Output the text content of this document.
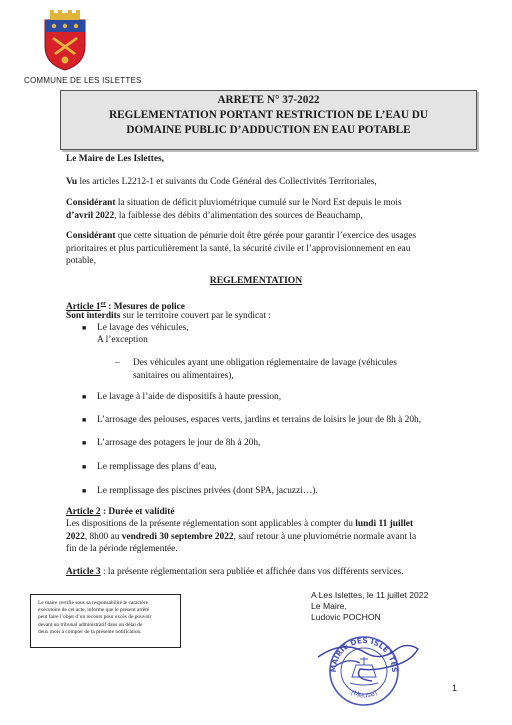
COMMUNE DE LES ISLETTES
ARRETE N° 37-2022
REGLEMENTATION PORTANT RESTRICTION DE L’EAU DU
DOMAINE PUBLIC D’ADDUCTION EN EAU POTABLE
Le Maire de Les Islettes,
Vu les articles L2212-1 et suivants du Code Général des Collectivités Territoriales,
Considérant la situation de déficit pluviométrique cumulé sur le Nord Est depuis le mois
d’avril 2022, la faiblesse des débits d’alimentation des sources de Beauchamp,
Considérant que cette situation de pénurie doit être gérée pour garantir l’exercice des usages
prioritaires et plus particulièrement la santé, la sécurité civile et l’approvisionnement en eau
potable,
REGLEMENTATION
Article 1er : Mesures de police
Sont interdits sur le territoire couvert par le syndicat :
■ Le lavage des véhicules,
A l’exception
– Des véhicules ayant une obligation réglementaire de lavage (véhicules
sanitaires ou alimentaires),
■ Le lavage à l’aide de dispositifs à haute pression,
■ L’arrosage des pelouses, espaces verts, jardins et terrains de loisirs le jour de 8h à 20h,
■ L’arrosage des potagers le jour de 8h à 20h,
■ Le remplissage des plans d’eau,
■ Le remplissage des piscines privées (dont SPA, jacuzzi…).
Article 2 : Durée et validité
Les dispositions de la présente réglementation sont applicables à compter du lundi 11 juillet
2022, 8h00 au vendredi 30 septembre 2022, sauf retour à une pluviométrie normale avant la
fin de la période réglementée.
Article 3 : la présente réglementation sera publiée et affichée dans vos différents services.
Le maire certifie sous sa responsabilité le caractère
exécutoire de cet acte, informe que le présent arrêté
peut faire l’objet d’un recours pour excès de pouvoir
devant un tribunal administratif dans un délai de
deux mois à compter de la présente notification.
A Les Islettes, le 11 juillet 2022
Le Maire,
Ludovic POCHON
MAIRIE DES ISLETTES
(Meuse)	1
